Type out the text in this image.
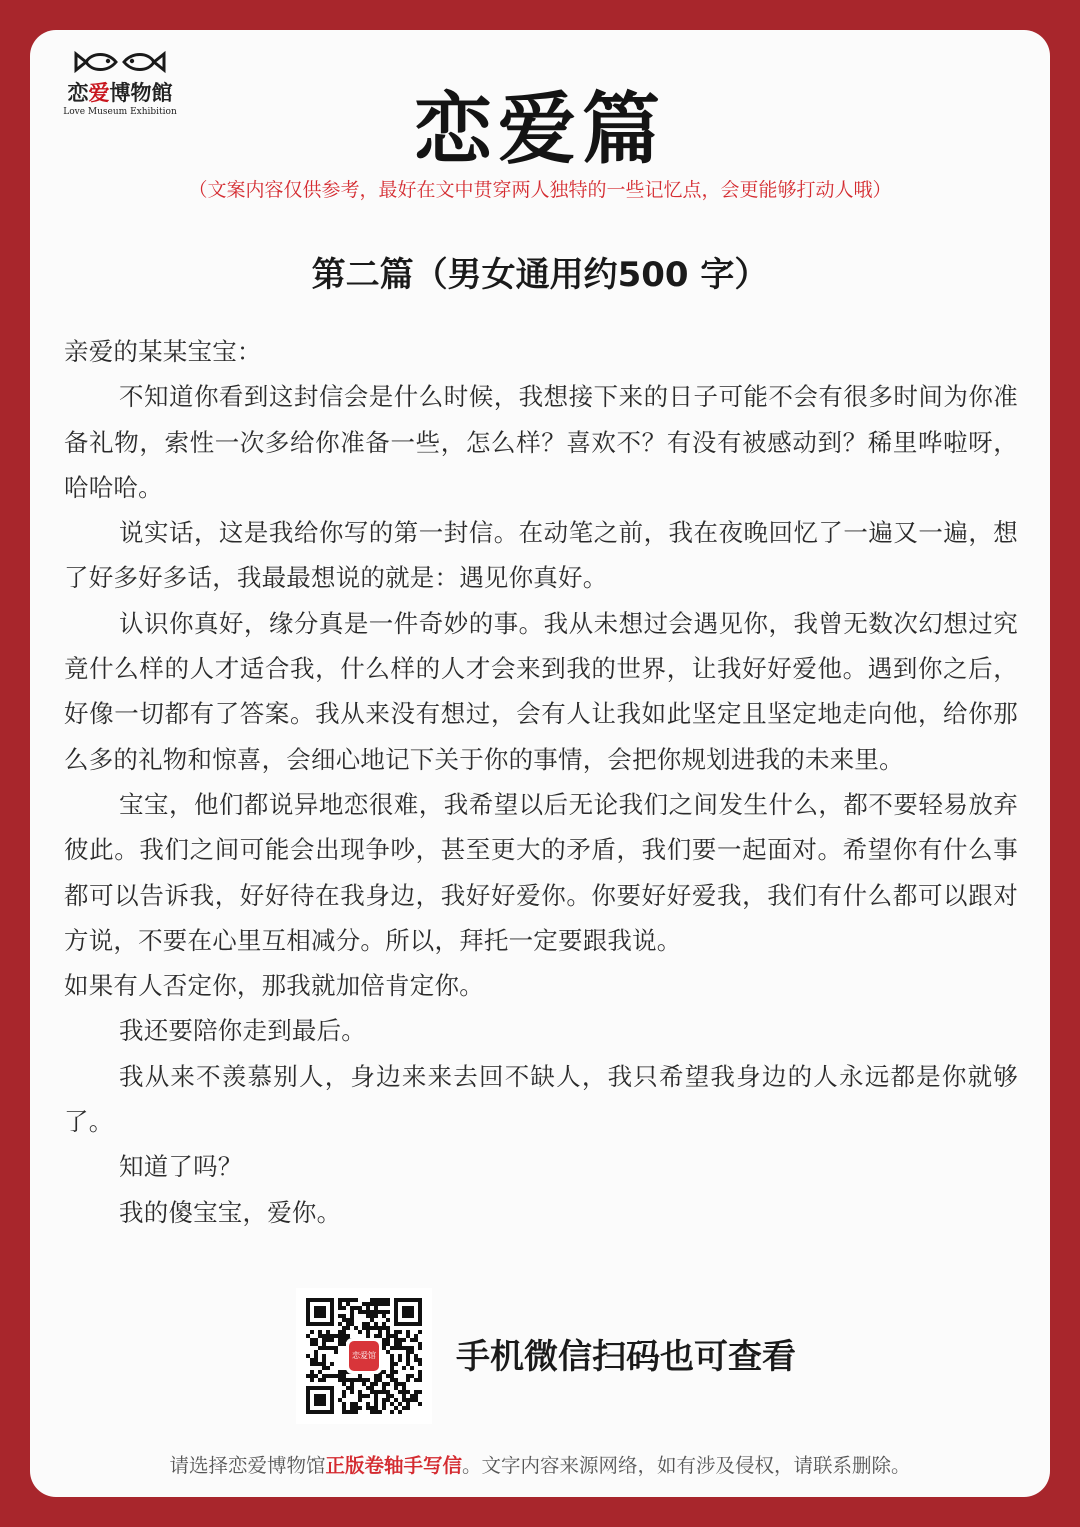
恋爱博物館
Love Museum Exhibition	恋爱篇
（文案内容仅供参考，最好在文中贯穿两人独特的一些记忆点，会更能够打动人哦）
第二篇（男女通用约500 字）

亲爱的某某宝宝：

不知道你看到这封信会是什么时候，我想接下来的日子可能不会有很多时间为你准备礼物，索性一次多给你准备一些，怎么样？喜欢不？有没有被感动到？稀里哗啦呀，哈哈哈。

说实话，这是我给你写的第一封信。在动笔之前，我在夜晚回忆了一遍又一遍，想了好多好多话，我最最想说的就是：遇见你真好。

认识你真好，缘分真是一件奇妙的事。我从未想过会遇见你，我曾无数次幻想过究竟什么样的人才适合我，什么样的人才会来到我的世界，让我好好爱他。遇到你之后，好像一切都有了答案。我从来没有想过，会有人让我如此坚定且坚定地走向他，给你那么多的礼物和惊喜，会细心地记下关于你的事情，会把你规划进我的未来里。

宝宝，他们都说异地恋很难，我希望以后无论我们之间发生什么，都不要轻易放弃彼此。我们之间可能会出现争吵，甚至更大的矛盾，我们要一起面对。希望你有什么事都可以告诉我，好好待在我身边，我好好爱你。你要好好爱我，我们有什么都可以跟对方说，不要在心里互相减分。所以，拜托一定要跟我说。

如果有人否定你，那我就加倍肯定你。

我还要陪你走到最后。

我从来不羡慕别人，身边来来去回不缺人，我只希望我身边的人永远都是你就够了。

知道了吗？

我的傻宝宝，爱你。

恋爱馆 手机微信扫码也可查看
请选择恋爱博物馆正版卷轴手写信。文字内容来源网络，如有涉及侵权，请联系删除。
